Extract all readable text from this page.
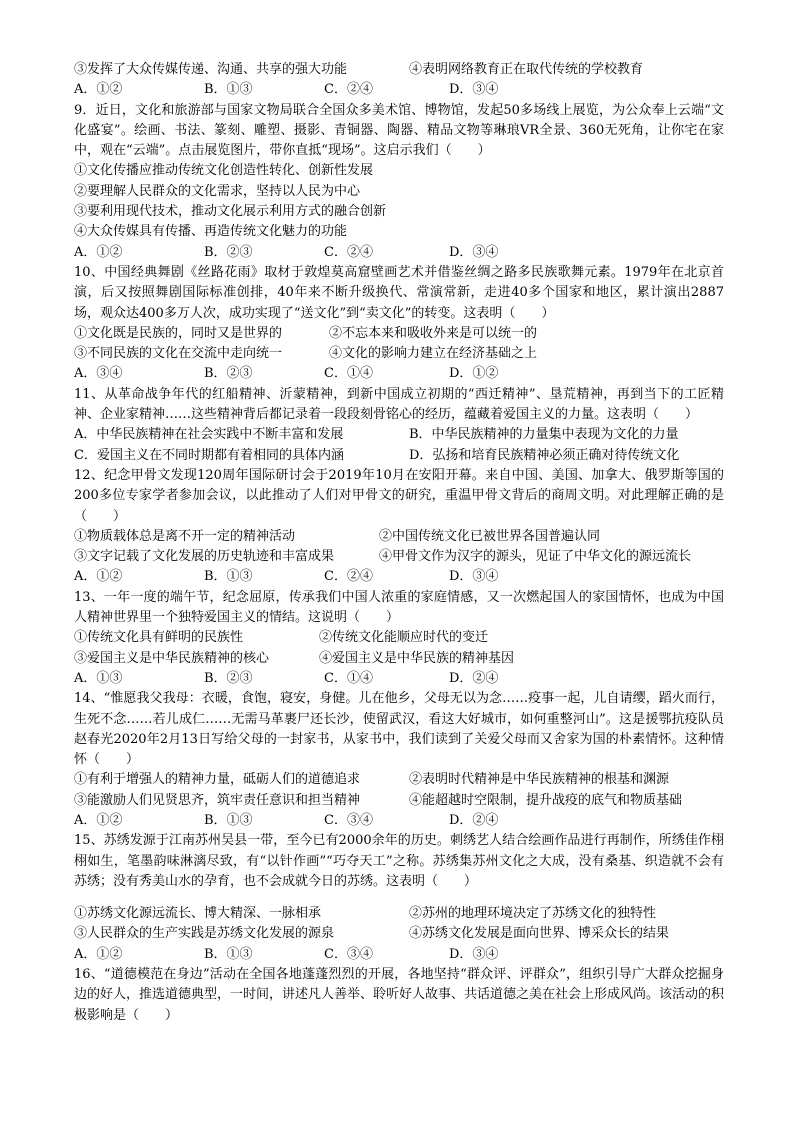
③发挥了大众传媒传递、沟通、共享的强大功能	④表明网络教育正在取代传统的学校教育
A．①②	B．①③	C．②④	D．③④
9．近日，文化和旅游部与国家文物局联合全国众多美术馆、博物馆，发起50多场线上展览，为公众奉上云端“文化盛宴”。绘画、书法、篆刻、雕塑、摄影、青铜器、陶器、精品文物等琳琅VR全景、360无死角，让你宅在家中，观在“云端”。点击展览图片，带你直抵“现场”。这启示我们（　　）
①文化传播应推动传统文化创造性转化、创新性发展
②要理解人民群众的文化需求，坚持以人民为中心
③要利用现代技术，推动文化展示利用方式的融合创新
④大众传媒具有传播、再造传统文化魅力的功能
A．①②	B．②③	C．②④	D．③④
10、中国经典舞剧《丝路花雨》取材于敦煌莫高窟壁画艺术并借鉴丝绸之路多民族歌舞元素。1979年在北京首演，后又按照舞剧国际标准创排，40年来不断升级换代、常演常新，走进40多个国家和地区，累计演出2887场，观众达400多万人次，成功实现了“送文化”到“卖文化”的转变。这表明（　　）
①文化既是民族的，同时又是世界的	②不忘本来和吸收外来是可以统一的
③不同民族的文化在交流中走向统一	④文化的影响力建立在经济基础之上
A．③④	B．②③	C．①④	D．①②
11、从革命战争年代的红船精神、沂蒙精神，到新中国成立初期的“西迁精神”、垦荒精神，再到当下的工匠精神、企业家精神……这些精神背后都记录着一段段刻骨铭心的经历，蕴藏着爱国主义的力量。这表明（　　）
A．中华民族精神在社会实践中不断丰富和发展	B．中华民族精神的力量集中表现为文化的力量
C．爱国主义在不同时期都有着相同的具体内涵	D．弘扬和培育民族精神必须正确对待传统文化
12、纪念甲骨文发现120周年国际研讨会于2019年10月在安阳开幕。来自中国、美国、加拿大、俄罗斯等国的200多位专家学者参加会议，以此推动了人们对甲骨文的研究，重温甲骨文背后的商周文明。对此理解正确的是（　　）
①物质载体总是离不开一定的精神活动	②中国传统文化已被世界各国普遍认同
③文字记载了文化发展的历史轨迹和丰富成果	④甲骨文作为汉字的源头，见证了中华文化的源远流长
A．①②	B．①③	C．②④	D．③④
13、一年一度的端午节，纪念屈原，传承我们中国人浓重的家庭情感，又一次燃起国人的家国情怀，也成为中国人精神世界里一个独特爱国主义的情结。这说明（　　）
①传统文化具有鲜明的民族性	②传统文化能顺应时代的变迁
③爱国主义是中华民族精神的核心	④爱国主义是中华民族的精神基因
A．①③	B．②③	C．①④	D．②④
14、“惟愿我父我母：衣暖，食饱，寝安，身健。儿在他乡，父母无以为念……疫事一起，儿自请缨，蹈火而行，生死不念……若儿成仁……无需马革裹尸还长沙，使留武汉，看这大好城市，如何重整河山”。这是援鄂抗疫队员赵春光2020年2月13日写给父母的一封家书，从家书中，我们读到了关爱父母而又舍家为国的朴素情怀。这种情怀（　　）
①有利于增强人的精神力量，砥砺人们的道德追求	②表明时代精神是中华民族精神的根基和渊源
③能激励人们见贤思齐，筑牢责任意识和担当精神	④能超越时空限制，提升战疫的底气和物质基础
A．①②	B．①③	C．③④	D．②④
15、苏绣发源于江南苏州吴县一带，至今已有2000余年的历史。刺绣艺人结合绘画作品进行再制作，所绣佳作栩栩如生，笔墨韵味淋漓尽致，有“以针作画”“巧夺天工”之称。苏绣集苏州文化之大成，没有桑基、织造就不会有苏绣；没有秀美山水的孕育，也不会成就今日的苏绣。这表明（　　）
①苏绣文化源远流长、博大精深、一脉相承	②苏州的地理环境决定了苏绣文化的独特性
③人民群众的生产实践是苏绣文化发展的源泉	④苏绣文化发展是面向世界、博采众长的结果
A．①②	B．①③	C．③④	D．③④
16、“道德模范在身边”活动在全国各地蓬蓬烈烈的开展，各地坚持“群众评、评群众”，组织引导广大群众挖掘身边的好人，推选道德典型，一时间，讲述凡人善举、聆听好人故事、共话道德之美在社会上形成风尚。该活动的积极影响是（　　）
